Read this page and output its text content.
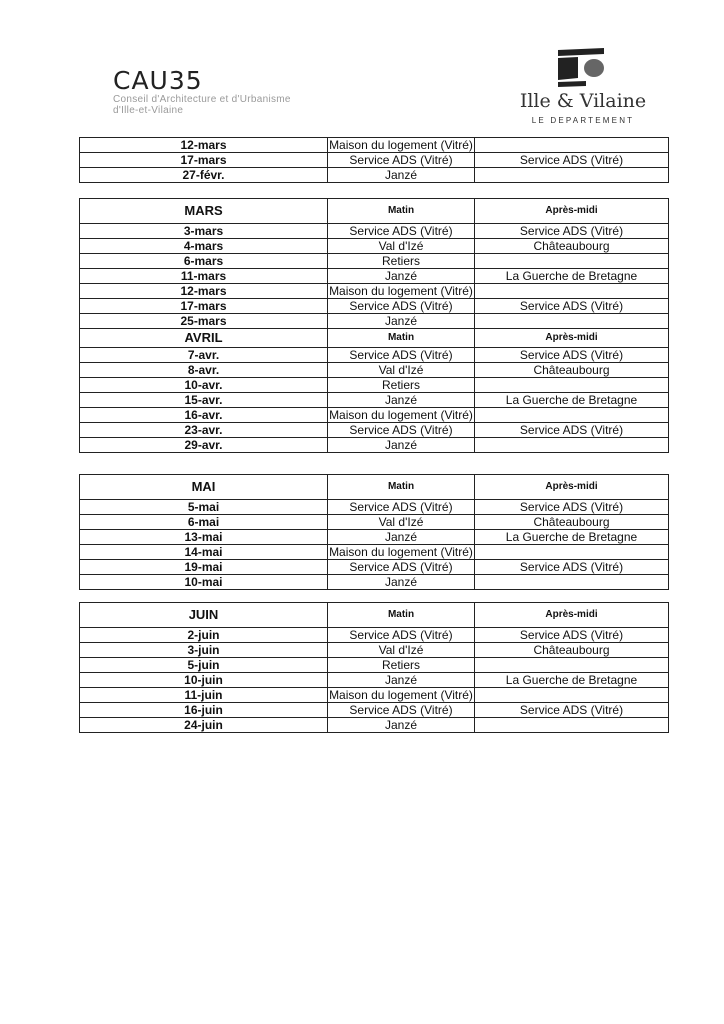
CAU35
Conseil d'Architecture et d'Urbanisme
d'Ille-et-Vilaine	Ille & Vilaine
LE DEPARTEMENT
12-mars	Maison du logement (Vitré)	
17-mars	Service ADS (Vitré)	Service ADS (Vitré)
27-févr.	Janzé	
MARS	Matin	Après-midi
3-mars	Service ADS (Vitré)	Service ADS (Vitré)
4-mars	Val d'Izé	Châteaubourg
6-mars	Retiers	
11-mars	Janzé	La Guerche de Bretagne
12-mars	Maison du logement (Vitré)	
17-mars	Service ADS (Vitré)	Service ADS (Vitré)
25-mars	Janzé	
AVRIL	Matin	Après-midi
7-avr.	Service ADS (Vitré)	Service ADS (Vitré)
8-avr.	Val d'Izé	Châteaubourg
10-avr.	Retiers	
15-avr.	Janzé	La Guerche de Bretagne
16-avr.	Maison du logement (Vitré)	
23-avr.	Service ADS (Vitré)	Service ADS (Vitré)
29-avr.	Janzé	
MAI	Matin	Après-midi
5-mai	Service ADS (Vitré)	Service ADS (Vitré)
6-mai	Val d'Izé	Châteaubourg
13-mai	Janzé	La Guerche de Bretagne
14-mai	Maison du logement (Vitré)	
19-mai	Service ADS (Vitré)	Service ADS (Vitré)
10-mai	Janzé	
JUIN	Matin	Après-midi
2-juin	Service ADS (Vitré)	Service ADS (Vitré)
3-juin	Val d'Izé	Châteaubourg
5-juin	Retiers	
10-juin	Janzé	La Guerche de Bretagne
11-juin	Maison du logement (Vitré)	
16-juin	Service ADS (Vitré)	Service ADS (Vitré)
24-juin	Janzé	
